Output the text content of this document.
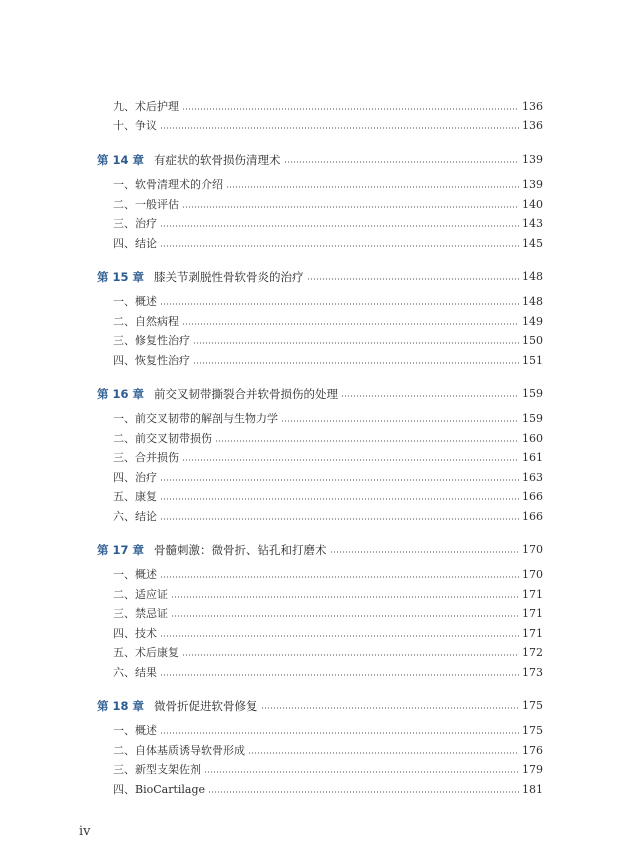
九、术后护理	136
十、争议	136
第 14 章 有症状的软骨损伤清理术	139
一、软骨清理术的介绍	139
二、一般评估	140
三、治疗	143
四、结论	145
第 15 章 膝关节剥脱性骨软骨炎的治疗	148
一、概述	148
二、自然病程	149
三、修复性治疗	150
四、恢复性治疗	151
第 16 章 前交叉韧带撕裂合并软骨损伤的处理	159
一、前交叉韧带的解剖与生物力学	159
二、前交叉韧带损伤	160
三、合并损伤	161
四、治疗	163
五、康复	166
六、结论	166
第 17 章 骨髓刺激：微骨折、钻孔和打磨术	170
一、概述	170
二、适应证	171
三、禁忌证	171
四、技术	171
五、术后康复	172
六、结果	173
第 18 章 微骨折促进软骨修复	175
一、概述	175
二、自体基质诱导软骨形成	176
三、新型支架佐剂	179
四、BioCartilage	181
iv
